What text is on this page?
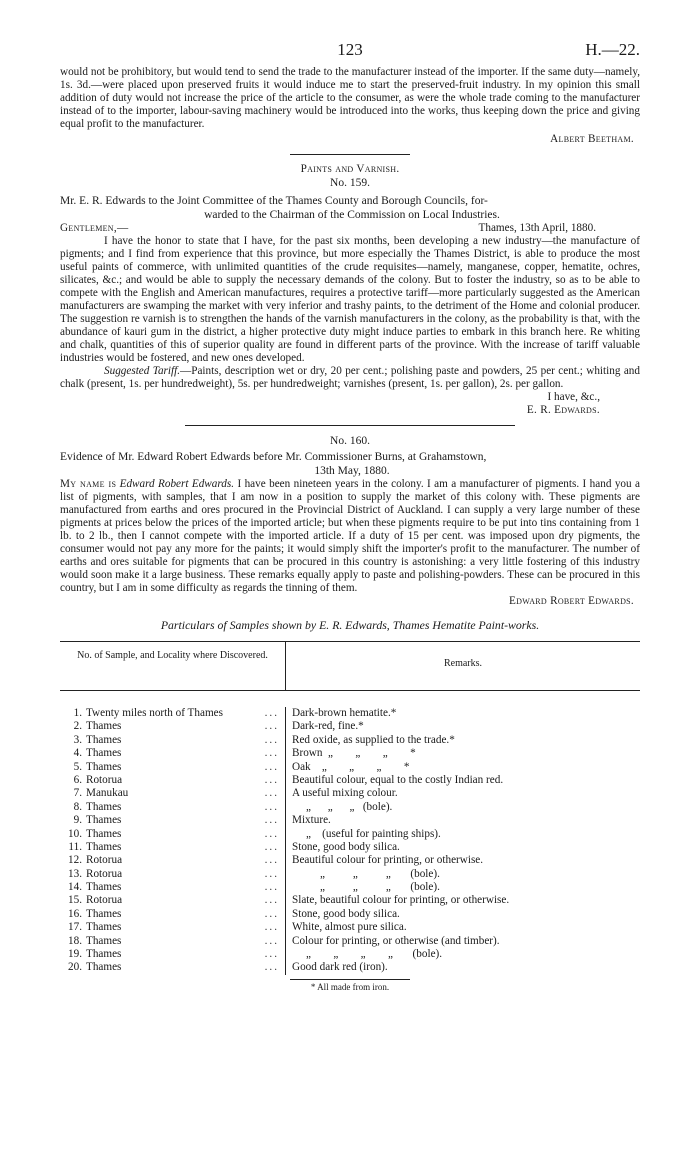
123	H.—22.

would not be prohibitory, but would tend to send the trade to the manufacturer instead of the importer. If the same duty—namely, 1s. 3d.—were placed upon preserved fruits it would induce me to start the preserved-fruit industry. In my opinion this small addition of duty would not increase the price of the article to the consumer, as were the whole trade coming to the manufacturer instead of to the importer, labour-saving machinery would be introduced into the works, thus keeping down the price and giving equal profit to the manufacturer.

Albert Beetham.

Paints and Varnish.
No. 159.
Mr. E. R. Edwards to the Joint Committee of the Thames County and Borough Councils, for-
warded to the Chairman of the Commission on Local Industries.
Gentlemen,—	Thames, 13th April, 1880.

I have the honor to state that I have, for the past six months, been developing a new industry—the manufacture of pigments; and I find from experience that this province, but more especially the Thames District, is able to produce the most useful paints of commerce, with unlimited quantities of the crude requisites—namely, manganese, copper, hematite, ochres, silicates, &c.; and would be able to supply the necessary demands of the colony. But to foster the industry, so as to be able to compete with the English and American manufactures, requires a protective tariff—more particularly suggested as the American manufacturers are swamping the market with very inferior and trashy paints, to the detriment of the Home and colonial producer. The suggestion re varnish is to strengthen the hands of the varnish manufacturers in the colony, as the probability is that, with the abundance of kauri gum in the district, a higher protective duty might induce parties to embark in this branch here. Re whiting and chalk, quantities of this of superior quality are found in different parts of the province. With the increase of tariff valuable industries would be fostered, and new ones developed.

Suggested Tariff.—Paints, description wet or dry, 20 per cent.; polishing paste and powders, 25 per cent.; whiting and chalk (present, 1s. per hundredweight), 5s. per hundredweight; varnishes (present, 1s. per gallon), 2s. per gallon.

I have, &c.,

E. R. Edwards.

No. 160.
Evidence of Mr. Edward Robert Edwards before Mr. Commissioner Burns, at Grahamstown,
13th May, 1880.

My name is Edward Robert Edwards. I have been nineteen years in the colony. I am a manufacturer of pigments. I hand you a list of pigments, with samples, that I am now in a position to supply the market of this colony with. These pigments are manufactured from earths and ores procured in the Provincial District of Auckland. I can supply a very large number of these pigments at prices below the prices of the imported article; but when these pigments require to be put into tins containing from 1 lb. to 2 lb., then I cannot compete with the imported article. If a duty of 15 per cent. was imposed upon dry pigments, the consumer would not pay any more for the paints; it would simply shift the importer's profit to the manufacturer. The number of earths and ores suitable for pigments that can be procured in this country is astonishing: a very little fostering of this industry would soon make it a large business. These remarks equally apply to paste and polishing-powders. These can be procured in this country, but I am in some difficulty as regards the tinning of them.

Edward Robert Edwards.

Particulars of Samples shown by E. R. Edwards, Thames Hematite Paint-works.
No. of Sample, and Locality where Discovered.
Remarks.
...
1. Twenty miles north of Thames
...
2. Thames
...
3. Thames
...
4. Thames
...
5. Thames
...
6. Rotorua
...
7. Manukau
...
8. Thames
...
9. Thames
...
10. Thames
...
11. Thames
...
12. Rotorua
...
13. Rotorua
...
14. Thames
...
15. Rotorua
...
16. Thames
...
17. Thames
...
18. Thames
...
19. Thames
...
20. Thames
Dark-brown hematite.*
Dark-red, fine.*
Red oxide, as supplied to the trade.*
Brown  „        „        „        *
Oak    „        „        „        *
Beautiful colour, equal to the costly Indian red.
A useful mixing colour.
„      „      „   (bole).
Mixture.
„    (useful for painting ships).
Stone, good body silica.
Beautiful colour for printing, or otherwise.
„          „          „       (bole).
„          „          „       (bole).
Slate, beautiful colour for printing, or otherwise.
Stone, good body silica.
White, almost pure silica.
Colour for printing, or otherwise (and timber).
„        „        „        „       (bole).
Good dark red (iron).
* All made from iron.
